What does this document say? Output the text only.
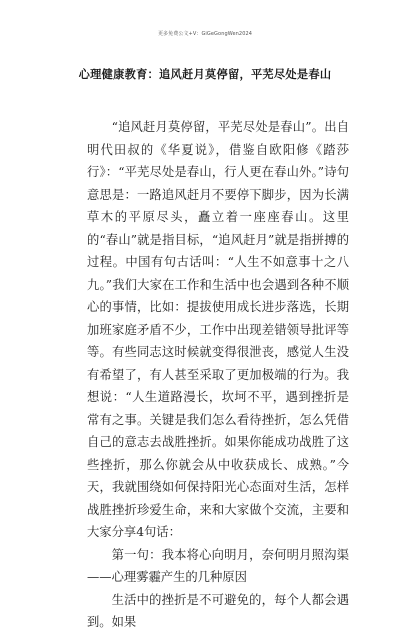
更多免费公文+V：GiGeGongWen2024
心理健康教育：追风赶月莫停留，平芜尽处是春山

“追风赶月莫停留，平芜尽处是春山”。出自明代田叔的《华夏说》，借鉴自欧阳修《踏莎行》：“平芜尽处是春山，行人更在春山外。”诗句意思是：一路追风赶月不要停下脚步，因为长满草木的平原尽头，矗立着一座座春山。这里的“春山”就是指目标，“追风赶月”就是指拼搏的过程。中国有句古话叫：“人生不如意事十之八九。”我们大家在工作和生活中也会遇到各种不顺心的事情，比如：提拔使用成长进步落选，长期加班家庭矛盾不少，工作中出现差错领导批评等等。有些同志这时候就变得很泄丧，感觉人生没有希望了，有人甚至采取了更加极端的行为。我想说：“人生道路漫长，坎坷不平，遇到挫折是常有之事。关键是我们怎么看待挫折，怎么凭借自己的意志去战胜挫折。如果你能成功战胜了这些挫折，那么你就会从中收获成长、成熟。”今天，我就围绕如何保持阳光心态面对生活，怎样战胜挫折珍爱生命，来和大家做个交流，主要和大家分享4句话：

第一句：我本将心向明月，奈何明月照沟渠——心理雾霾产生的几种原因

生活中的挫折是不可避免的，每个人都会遇到。如果
